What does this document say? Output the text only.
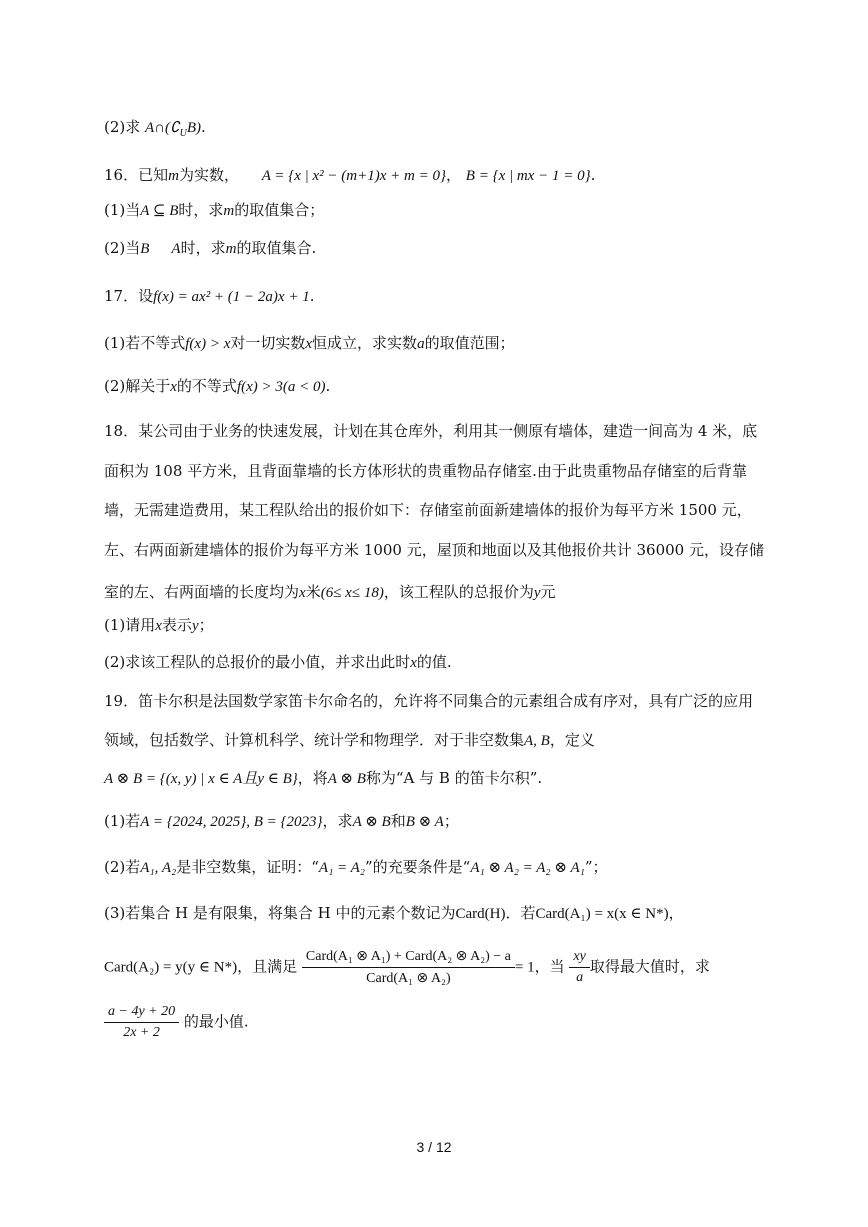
(2)求 $A\cap(∁_UB)$.
16．已知m为实数， A = {x | x² − (m+1)x + m = 0}， B = {x | mx − 1 = 0}.
(1)当A ⊆ B时，求m的取值集合；
(2)当B A时，求m的取值集合.
17．设f(x) = ax² + (1 − 2a)x + 1.
(1)若不等式f(x) > x对一切实数x恒成立，求实数a的取值范围；
(2)解关于x的不等式f(x) > 3(a < 0).
18．某公司由于业务的快速发展，计划在其仓库外，利用其一侧原有墙体，建造一间高为 4 米，底
面积为 108 平方米，且背面靠墙的长方体形状的贵重物品存储室.由于此贵重物品存储室的后背靠
墙，无需建造费用，某工程队给出的报价如下：存储室前面新建墙体的报价为每平方米 1500 元，
左、右两面新建墙体的报价为每平方米 1000 元，屋顶和地面以及其他报价共计 36000 元，设存储
室的左、右两面墙的长度均为x米(6≤ x≤ 18)，该工程队的总报价为y元
(1)请用x表示y；
(2)求该工程队的总报价的最小值，并求出此时x的值.
19．笛卡尔积是法国数学家笛卡尔命名的，允许将不同集合的元素组合成有序对，具有广泛的应用
领域，包括数学、计算机科学、统计学和物理学．对于非空数集A, B，定义
A ⊗ B = {(x, y) | x ∈ A且y ∈ B}，将A ⊗ B称为“A 与 B 的笛卡尔积”.
(1)若A = {2024, 2025}, B = {2023}，求A ⊗ B和B ⊗ A；
(2)若A₁, A₂是非空数集，证明：“A₁ = A₂”的充要条件是“A₁ ⊗ A₂ = A₂ ⊗ A₁”；
(3)若集合 H 是有限集，将集合 H 中的元素个数记为Card(H)．若Card(A₁) = x(x ∈ N*)，
Card(A₂) = y(y ∈ N*)，且满足 $\frac{\text{Card(A₁ ⊗ A₁) + Card(A₂ ⊗ A₂) − a}}{\text{Card(A₁ ⊗ A₂)}} = 1$，当 $\frac{xy}{a}$ 取得最大值时，求
$\frac{a - 4y + 20}{2x + 2}$ 的最小值.
3 / 12
